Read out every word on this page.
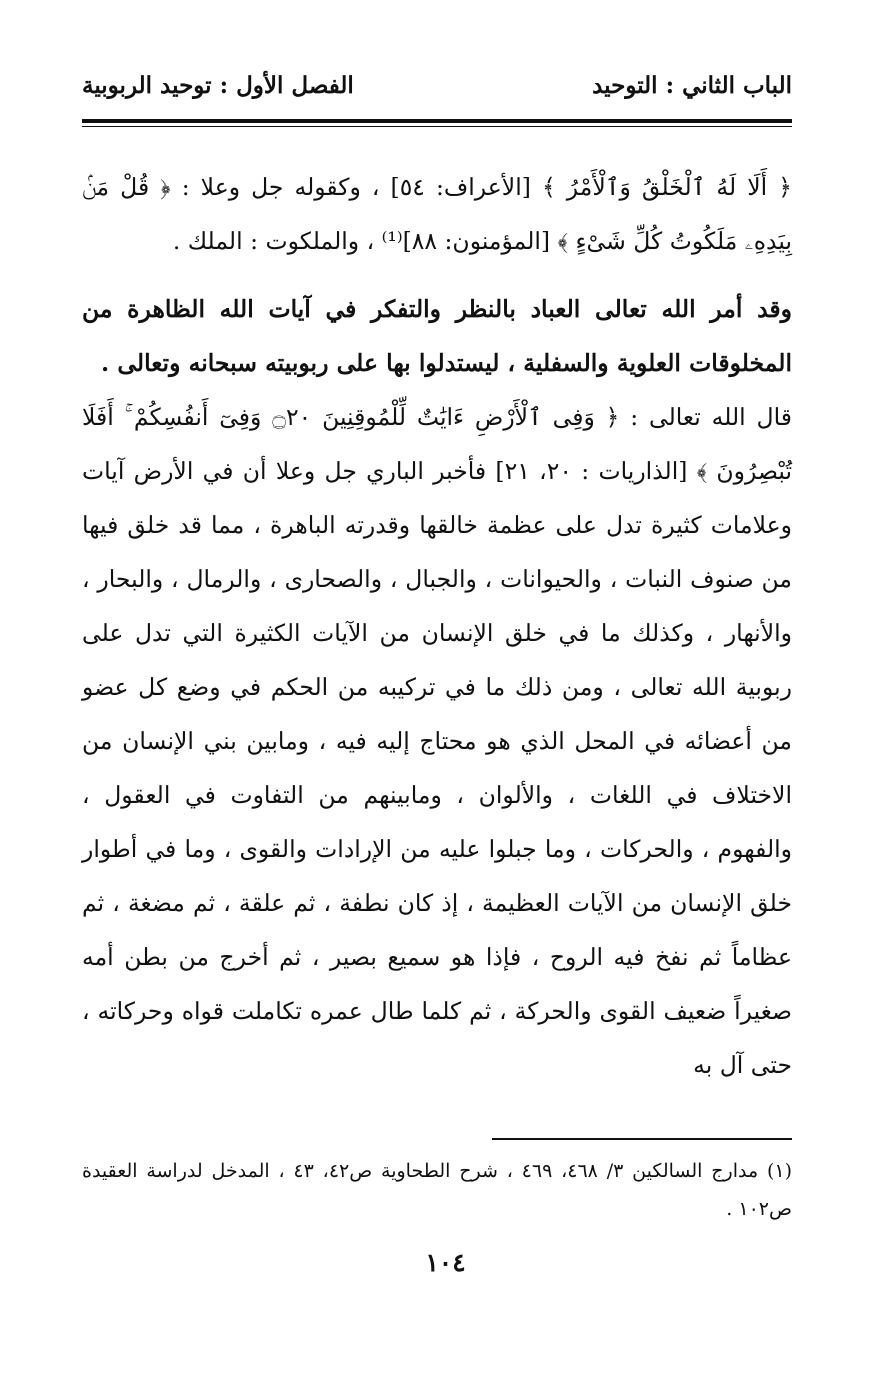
الباب الثاني : التوحيد
الفصل الأول : توحيد الربوبية

﴿ أَلَا لَهُ ٱلْخَلْقُ وَٱلْأَمْرُ ﴾ [الأعراف: ٥٤] ، وكقوله جل وعلا : ﴿ قُلْ مَنۢ بِيَدِهِۦ مَلَكُوتُ كُلِّ شَىْءٍ ﴾ [المؤمنون: ٨٨]⁽¹⁾ ، والملكوت : الملك .

وقد أمر الله تعالى العباد بالنظر والتفكر في آيات الله الظاهرة من المخلوقات العلوية والسفلية ، ليستدلوا بها على ربوبيته سبحانه وتعالى .

قال الله تعالى : ﴿ وَفِى ٱلْأَرْضِ ءَايَٰتٌ لِّلْمُوقِنِينَ ۝٢٠ وَفِىٓ أَنفُسِكُمْ ۚ أَفَلَا تُبْصِرُونَ ﴾ [الذاريات : ٢٠، ٢١] فأخبر الباري جل وعلا أن في الأرض آيات وعلامات كثيرة تدل على عظمة خالقها وقدرته الباهرة ، مما قد خلق فيها من صنوف النبات ، والحيوانات ، والجبال ، والصحارى ، والرمال ، والبحار ، والأنهار ، وكذلك ما في خلق الإنسان من الآيات الكثيرة التي تدل على ربوبية الله تعالى ، ومن ذلك ما في تركيبه من الحكم في وضع كل عضو من أعضائه في المحل الذي هو محتاج إليه فيه ، ومابين بني الإنسان من الاختلاف في اللغات ، والألوان ، ومابينهم من التفاوت في العقول ، والفهوم ، والحركات ، وما جبلوا عليه من الإرادات والقوى ، وما في أطوار خلق الإنسان من الآيات العظيمة ، إذ كان نطفة ، ثم علقة ، ثم مضغة ، ثم عظاماً ثم نفخ فيه الروح ، فإذا هو سميع بصير ، ثم أخرج من بطن أمه صغيراً ضعيف القوى والحركة ، ثم كلما طال عمره تكاملت قواه وحركاته ، حتى آل به

(١) مدارج السالكين ٣/ ٤٦٨، ٤٦٩ ، شرح الطحاوية ص٤٢، ٤٣ ، المدخل لدراسة العقيدة ص١٠٢ .
١٠٤
